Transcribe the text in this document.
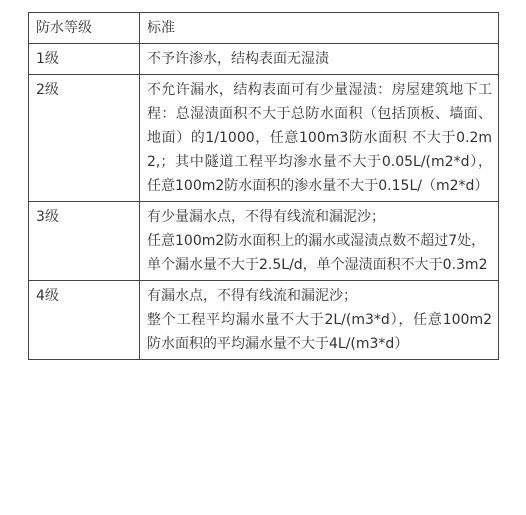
防水等级	标准
1级	不予许渗水，结构表面无湿渍

2级	不允许漏水，结构表面可有少量湿渍：房屋建筑地下工程：总湿渍面积不大于总防水面积（包括顶板、墙面、地面）的1/1000，任意100m3防水面积 不大于0.2m2,；其中隧道工程平均渗水量不大于0.05L/(m2*d），任意100m2防水面积的渗水量不大于0.15L/（m2*d）

3级	有少量漏水点，不得有线流和漏泥沙；
任意100m2防水面积上的漏水或湿渍点数不超过7处，单个漏水量不大于2.5L/d，单个湿渍面积不大于0.3m2

4级	有漏水点，不得有线流和漏泥沙；
整个工程平均漏水量不大于2L/(m3*d），任意100m2防水面积的平均漏水量不大于4L/(m3*d）
